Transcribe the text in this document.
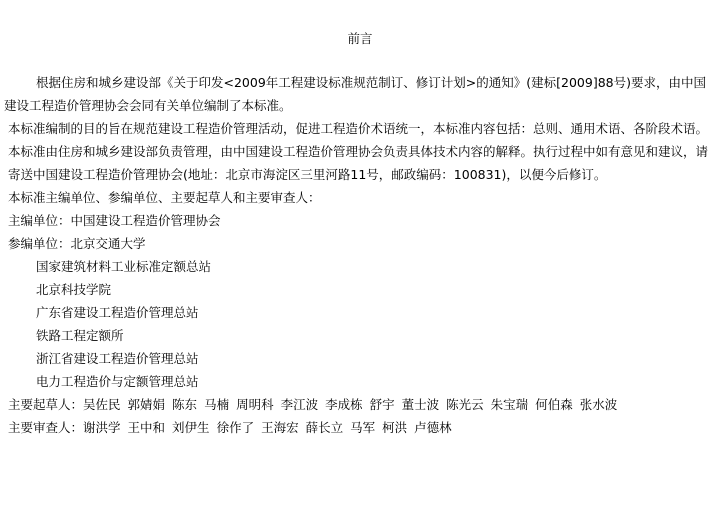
前言

根据住房和城乡建设部《关于印发<2009年工程建设标准规范制订、修订计划>的通知》(建标[2009]88号)要求，由中国建设工程造价管理协会会同有关单位编制了本标准。

本标准编制的目的旨在规范建设工程造价管理活动，促进工程造价术语统一，本标准内容包括：总则、通用术语、各阶段术语。

本标准由住房和城乡建设部负责管理，由中国建设工程造价管理协会负责具体技术内容的解释。执行过程中如有意见和建议，请寄送中国建设工程造价管理协会(地址：北京市海淀区三里河路11号，邮政编码：100831)，以便今后修订。

本标准主编单位、参编单位、主要起草人和主要审查人：

主编单位：中国建设工程造价管理协会

参编单位：北京交通大学

国家建筑材料工业标准定额总站

北京科技学院

广东省建设工程造价管理总站

铁路工程定额所

浙江省建设工程造价管理总站

电力工程造价与定额管理总站

主要起草人：吴佐民 郭婧娟 陈东 马楠 周明科 李江波 李成栋 舒宇 董士波 陈光云 朱宝瑞 何伯森 张水波

主要审查人：谢洪学 王中和 刘伊生 徐作了 王海宏 薛长立 马军 柯洪 卢德林
